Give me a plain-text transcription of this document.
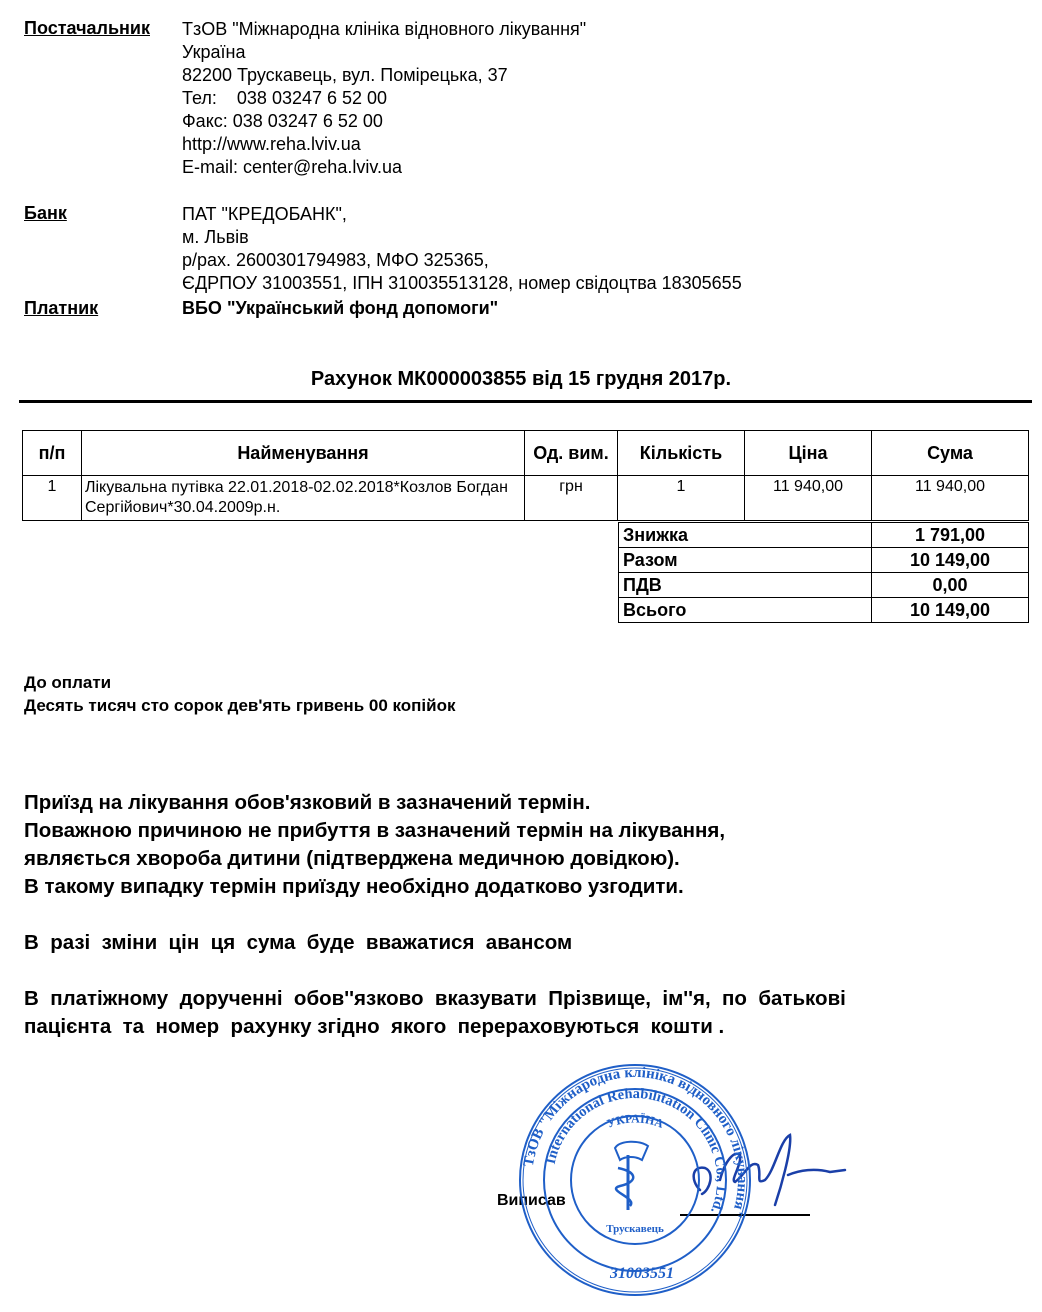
Постачальник ТзОВ "Міжнародна клініка відновного лікування"
Україна
82200 Трускавець, вул. Помірецька, 37
Тел:    038 03247 6 52 00
Факс: 038 03247 6 52 00
http://www.reha.lviv.ua
E-mail: center@reha.lviv.ua
Банк	ПАТ "КРЕДОБАНК",
м. Львів
р/рах. 2600301794983, МФО 325365,
ЄДРПОУ 31003551, ІПН 310035513128, номер свідоцтва 18305655
Платник	ВБО "Український фонд допомоги"
Рахунок МК000003855 від 15 грудня 2017р.
п/п	Найменування	Од. вим.	Кількість	Ціна	Сума
1	Лікувальна путівка 22.01.2018-02.02.2018*Козлов Богдан Сергійович*30.04.2009р.н.	грн	1	11 940,00	11 940,00
Знижка	1 791,00
Разом	10 149,00
ПДВ	0,00
Всього	10 149,00
До оплати
Десять тисяч сто сорок дев'ять гривень 00 копійок

Приїзд на лікування обов'язковий в зазначений термін.

Поважною причиною не прибуття в зазначений термін на лікування,

являється хвороба дитини (підтверджена медичною довідкою).

В такому випадку термін приїзду необхідно додатково узгодити.

В  разі  зміни  цін  ця  сума  буде  вважатися  авансом

В  платіжному  дорученні  обов''язково  вказувати  Прізвище,  ім''я,  по  батькові

пацієнта  та  номер  рахунку згідно  якого  перераховуються  кошти .

Виписав
ТзОВ "Міжнародна клініка відновного лікування"
International Rehabilitation Clinic Co., Ltd.
УКРАЇНА
Трускавець
31003551
